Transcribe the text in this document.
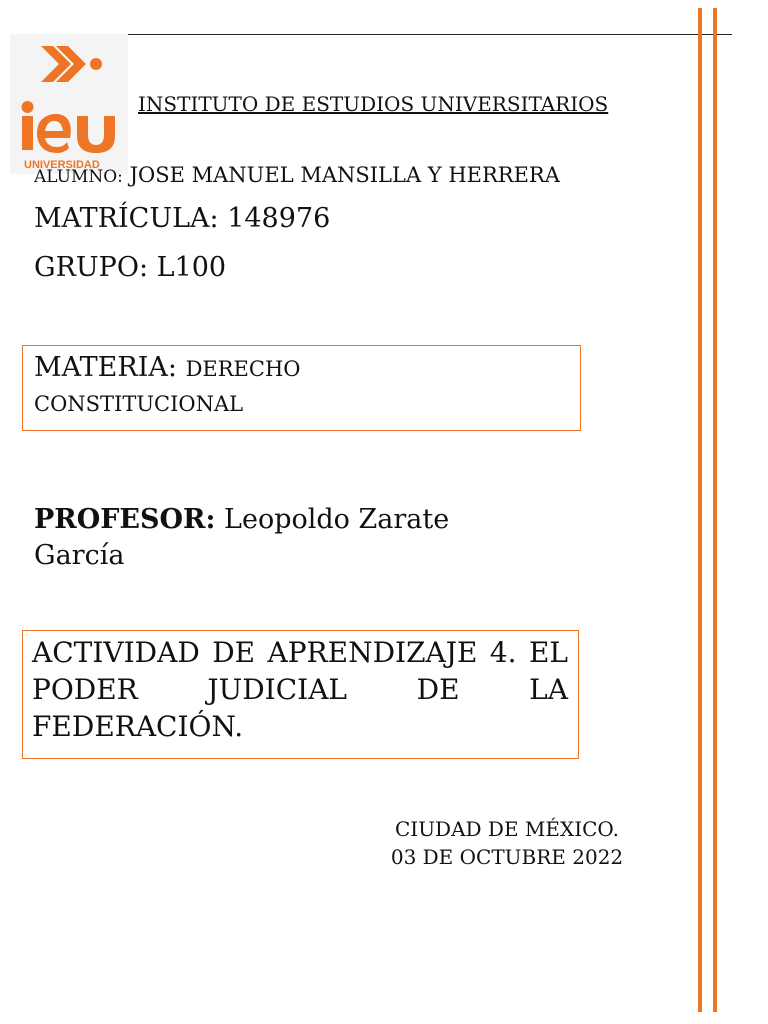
UNIVERSIDAD
INSTITUTO DE ESTUDIOS UNIVERSITARIOS
ALUMNO: JOSE MANUEL MANSILLA Y HERRERA
MATRÍCULA: 148976
GRUPO: L100
MATERIA: DERECHO
CONSTITUCIONAL
PROFESOR: Leopoldo Zarate
García
ACTIVIDAD DE APRENDIZAJE 4. EL PODER JUDICIAL DE LA FEDERACIÓN.
CIUDAD DE MÉXICO.
03 DE OCTUBRE 2022
